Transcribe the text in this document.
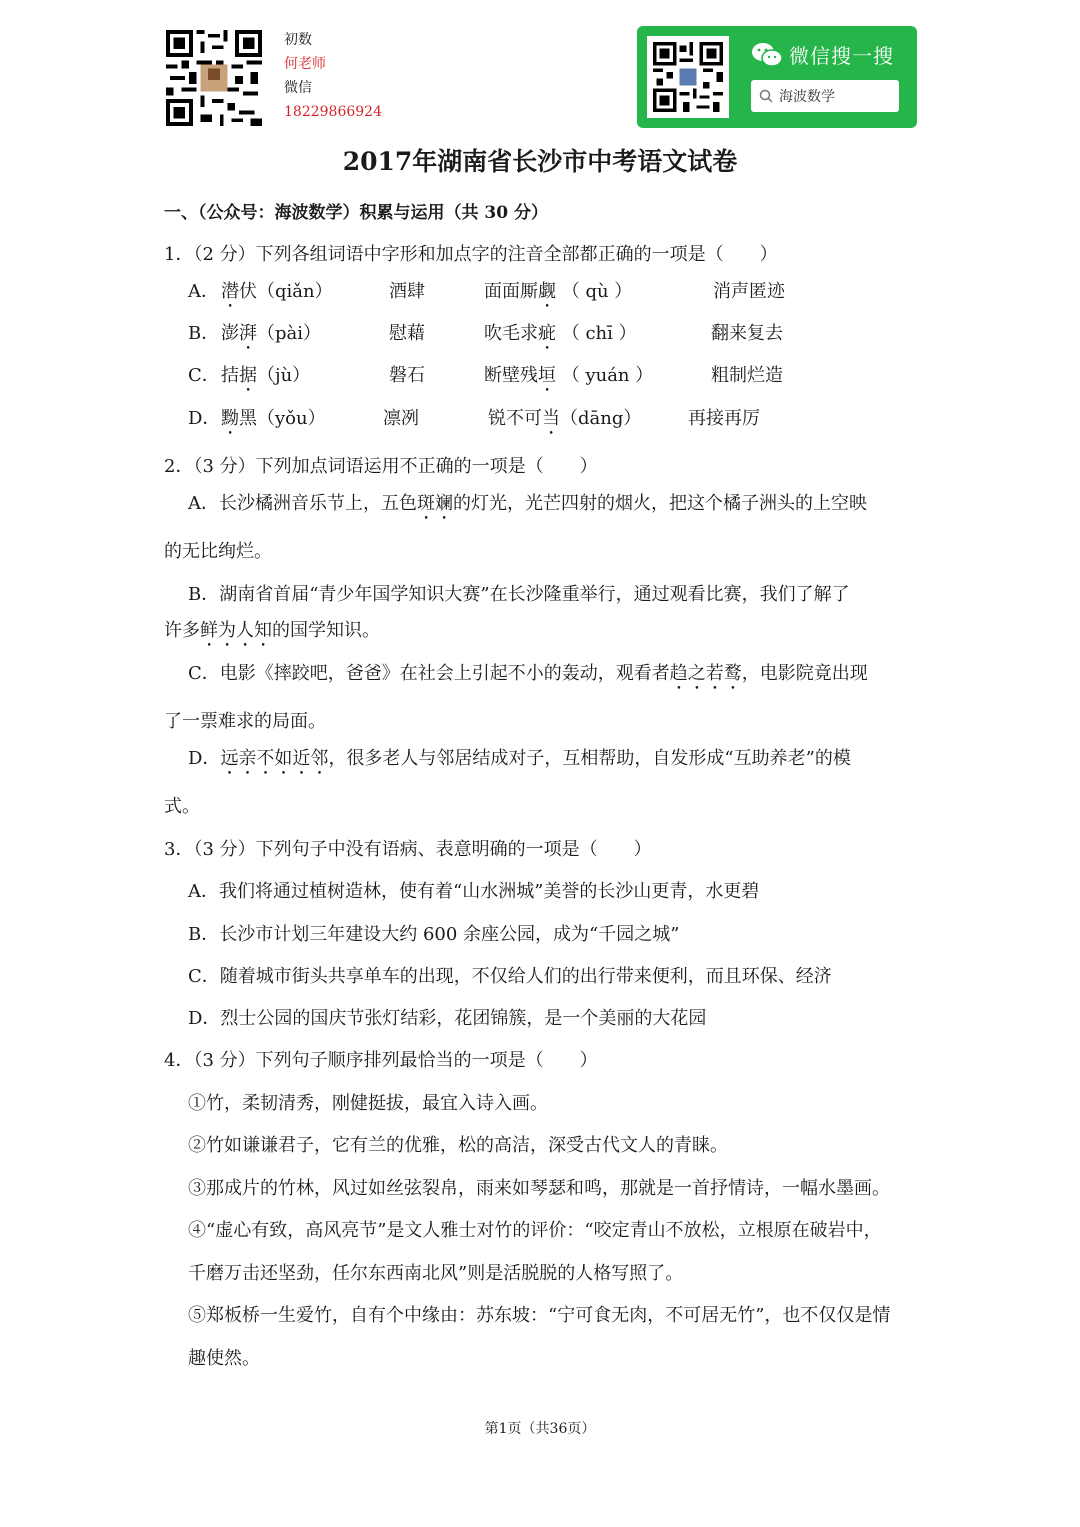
初数
何老师
微信
18229866924
微信搜一搜
海波数学
2017年湖南省长沙市中考语文试卷
一、（公众号：海波数学）积累与运用（共 30 分）
1．（2 分）下列各组词语中字形和加点字的注音全部都正确的一项是（　　）
A． 潜伏（qiǎn）	酒肆	面面厮觑 （ qù ）	消声匿迹
B． 澎湃（pài）	慰藉	吹毛求疵 （ chī ）	翻来复去
C． 拮据（jù）	磐石	断壁残垣 （ yuán ）	粗制烂造
D． 黝黑（yǒu）	凛冽	锐不可当（dāng）	再接再厉
2．（3 分）下列加点词语运用不正确的一项是（　　）
A．长沙橘洲音乐节上，五色斑斓的灯光，光芒四射的烟火，把这个橘子洲头的上空映
的无比绚烂。
B．湖南省首届“青少年国学知识大赛”在长沙隆重举行，通过观看比赛，我们了解了
许多鲜为人知的国学知识。
C．电影《摔跤吧，爸爸》在社会上引起不小的轰动，观看者趋之若鹜，电影院竟出现
了一票难求的局面。
D．远亲不如近邻，很多老人与邻居结成对子，互相帮助，自发形成“互助养老”的模
式。
3．（3 分）下列句子中没有语病、表意明确的一项是（　　）
A．我们将通过植树造林，使有着“山水洲城”美誉的长沙山更青，水更碧
B．长沙市计划三年建设大约 600 余座公园，成为“千园之城”
C．随着城市街头共享单车的出现，不仅给人们的出行带来便利，而且环保、经济
D．烈士公园的国庆节张灯结彩，花团锦簇，是一个美丽的大花园
4．（3 分）下列句子顺序排列最恰当的一项是（　　）
①竹，柔韧清秀，刚健挺拔，最宜入诗入画。
②竹如谦谦君子，它有兰的优雅，松的高洁，深受古代文人的青睐。
③那成片的竹林，风过如丝弦裂帛，雨来如琴瑟和鸣，那就是一首抒情诗，一幅水墨画。
④“虚心有致，高风亮节”是文人雅士对竹的评价：“咬定青山不放松，立根原在破岩中，
千磨万击还坚劲，任尔东西南北风”则是活脱脱的人格写照了。
⑤郑板桥一生爱竹，自有个中缘由：苏东坡：“宁可食无肉，不可居无竹”，也不仅仅是情
趣使然。
第1页（共36页）
